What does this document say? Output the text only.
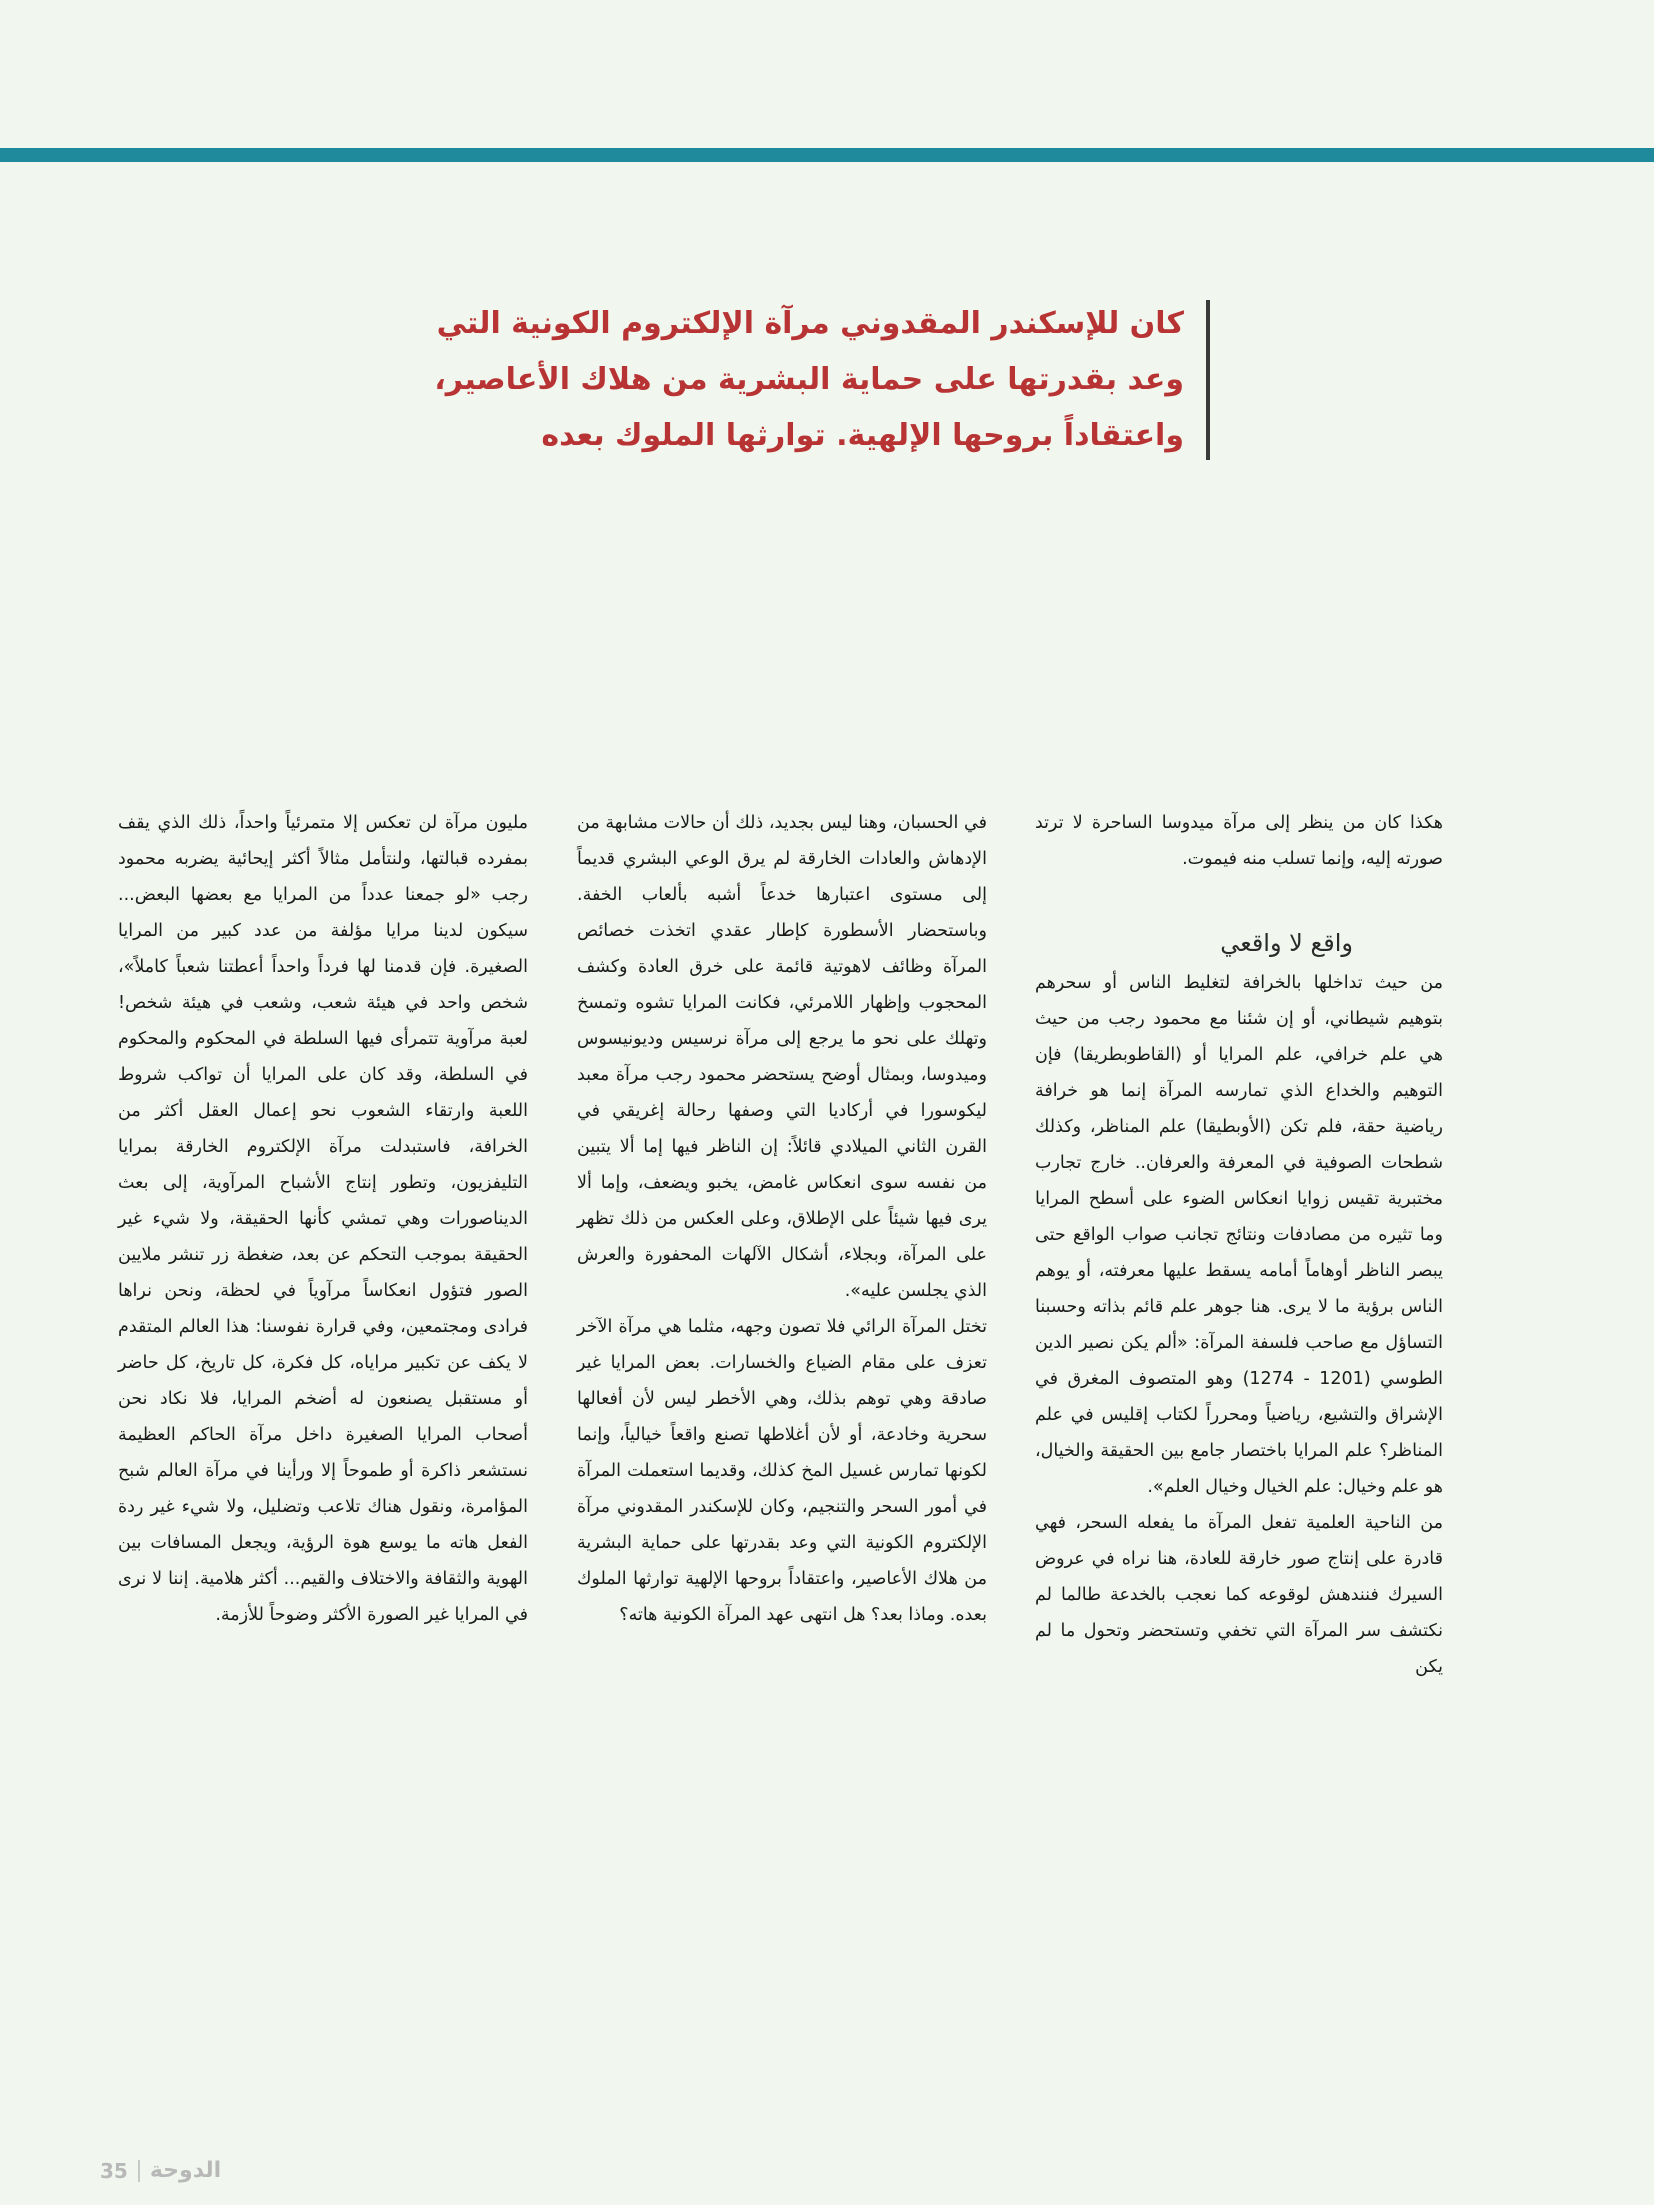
كان للإسكندر المقدوني مرآة الإلكتروم الكونية التي
وعد بقدرتها على حماية البشرية من هلاك الأعاصير،
واعتقاداً بروحها الإلهية. توارثها الملوك بعده

هكذا كان من ينظر إلى مرآة ميدوسا الساحرة لا ترتد صورته إليه، وإنما تسلب منه فيموت.

واقع لا واقعي

من حيث تداخلها بالخرافة لتغليط الناس أو سحرهم بتوهيم شيطاني، أو إن شئنا مع محمود رجب من حيث هي علم خرافي، علم المرايا أو (القاطوبطريقا) فإن التوهيم والخداع الذي تمارسه المرآة إنما هو خرافة رياضية حقة، فلم تكن (الأوبطيقا) علم المناظر، وكذلك شطحات الصوفية في المعرفة والعرفان.. خارج تجارب مختبرية تقيس زوايا انعكاس الضوء على أسطح المرايا وما تثيره من مصادفات ونتائج تجانب صواب الواقع حتى يبصر الناظر أوهاماً أمامه يسقط عليها معرفته، أو يوهم الناس برؤية ما لا يرى. هنا جوهر علم قائم بذاته وحسبنا التساؤل مع صاحب فلسفة المرآة: «ألم يكن نصير الدين الطوسي (1201 - 1274) وهو المتصوف المغرق في الإشراق والتشيع، رياضياً ومحرراً لكتاب إقليس في علم المناظر؟ علم المرايا باختصار جامع بين الحقيقة والخيال، هو علم وخيال: علم الخيال وخيال العلم».

من الناحية العلمية تفعل المرآة ما يفعله السحر، فهي قادرة على إنتاج صور خارقة للعادة، هنا نراه في عروض السيرك فنندهش لوقوعه كما نعجب بالخدعة طالما لم نكتشف سر المرآة التي تخفي وتستحضر وتحول ما لم يكن

في الحسبان، وهنا ليس بجديد، ذلك أن حالات مشابهة من الإدهاش والعادات الخارقة لم يرق الوعي البشري قديماً إلى مستوى اعتبارها خدعاً أشبه بألعاب الخفة. وباستحضار الأسطورة كإطار عقدي اتخذت خصائص المرآة وظائف لاهوتية قائمة على خرق العادة وكشف المحجوب وإظهار اللامرئي، فكانت المرايا تشوه وتمسخ وتهلك على نحو ما يرجع إلى مرآة نرسيس وديونيسوس وميدوسا، وبمثال أوضح يستحضر محمود رجب مرآة معبد ليكوسورا في أركاديا التي وصفها رحالة إغريقي في القرن الثاني الميلادي قائلاً: إن الناظر فيها إما ألا يتبين من نفسه سوى انعكاس غامض، يخبو ويضعف، وإما ألا يرى فيها شيئاً على الإطلاق، وعلى العكس من ذلك تظهر على المرآة، وبجلاء، أشكال الآلهات المحفورة والعرش الذي يجلسن عليه».

تختل المرآة الرائي فلا تصون وجهه، مثلما هي مرآة الآخر تعزف على مقام الضياع والخسارات. بعض المرايا غير صادقة وهي توهم بذلك، وهي الأخطر ليس لأن أفعالها سحرية وخادعة، أو لأن أغلاطها تصنع واقعاً خيالياً، وإنما لكونها تمارس غسيل المخ كذلك، وقديما استعملت المرآة في أمور السحر والتنجيم، وكان للإسكندر المقدوني مرآة الإلكتروم الكونية التي وعد بقدرتها على حماية البشرية من هلاك الأعاصير، واعتقاداً بروحها الإلهية توارثها الملوك بعده. وماذا بعد؟ هل انتهى عهد المرآة الكونية هاته؟

مليون مرآة لن تعكس إلا متمرئياً واحداً، ذلك الذي يقف بمفرده قبالتها، ولنتأمل مثالاً أكثر إيحائية يضربه محمود رجب «لو جمعنا عدداً من المرايا مع بعضها البعض... سيكون لدينا مرايا مؤلفة من عدد كبير من المرايا الصغيرة. فإن قدمنا لها فرداً واحداً أعطتنا شعباً كاملاً»، شخص واحد في هيئة شعب، وشعب في هيئة شخص! لعبة مرآوية تتمرأى فيها السلطة في المحكوم والمحكوم في السلطة، وقد كان على المرايا أن تواكب شروط اللعبة وارتقاء الشعوب نحو إعمال العقل أكثر من الخرافة، فاستبدلت مرآة الإلكتروم الخارقة بمرايا التليفزيون، وتطور إنتاج الأشباح المرآوية، إلى بعث الديناصورات وهي تمشي كأنها الحقيقة، ولا شيء غير الحقيقة بموجب التحكم عن بعد، ضغطة زر تنشر ملايين الصور فتؤول انعكاساً مرآوياً في لحظة، ونحن نراها فرادى ومجتمعين، وفي قرارة نفوسنا: هذا العالم المتقدم لا يكف عن تكبير مراياه، كل فكرة، كل تاريخ، كل حاضر أو مستقبل يصنعون له أضخم المرايا، فلا نكاد نحن أصحاب المرايا الصغيرة داخل مرآة الحاكم العظيمة نستشعر ذاكرة أو طموحاً إلا ورأينا في مرآة العالم شبح المؤامرة، ونقول هناك تلاعب وتضليل، ولا شيء غير ردة الفعل هاته ما يوسع هوة الرؤية، ويجعل المسافات بين الهوية والثقافة والاختلاف والقيم... أكثر هلامية. إننا لا نرى في المرايا غير الصورة الأكثر وضوحاً للأزمة.

35 الدوحة
